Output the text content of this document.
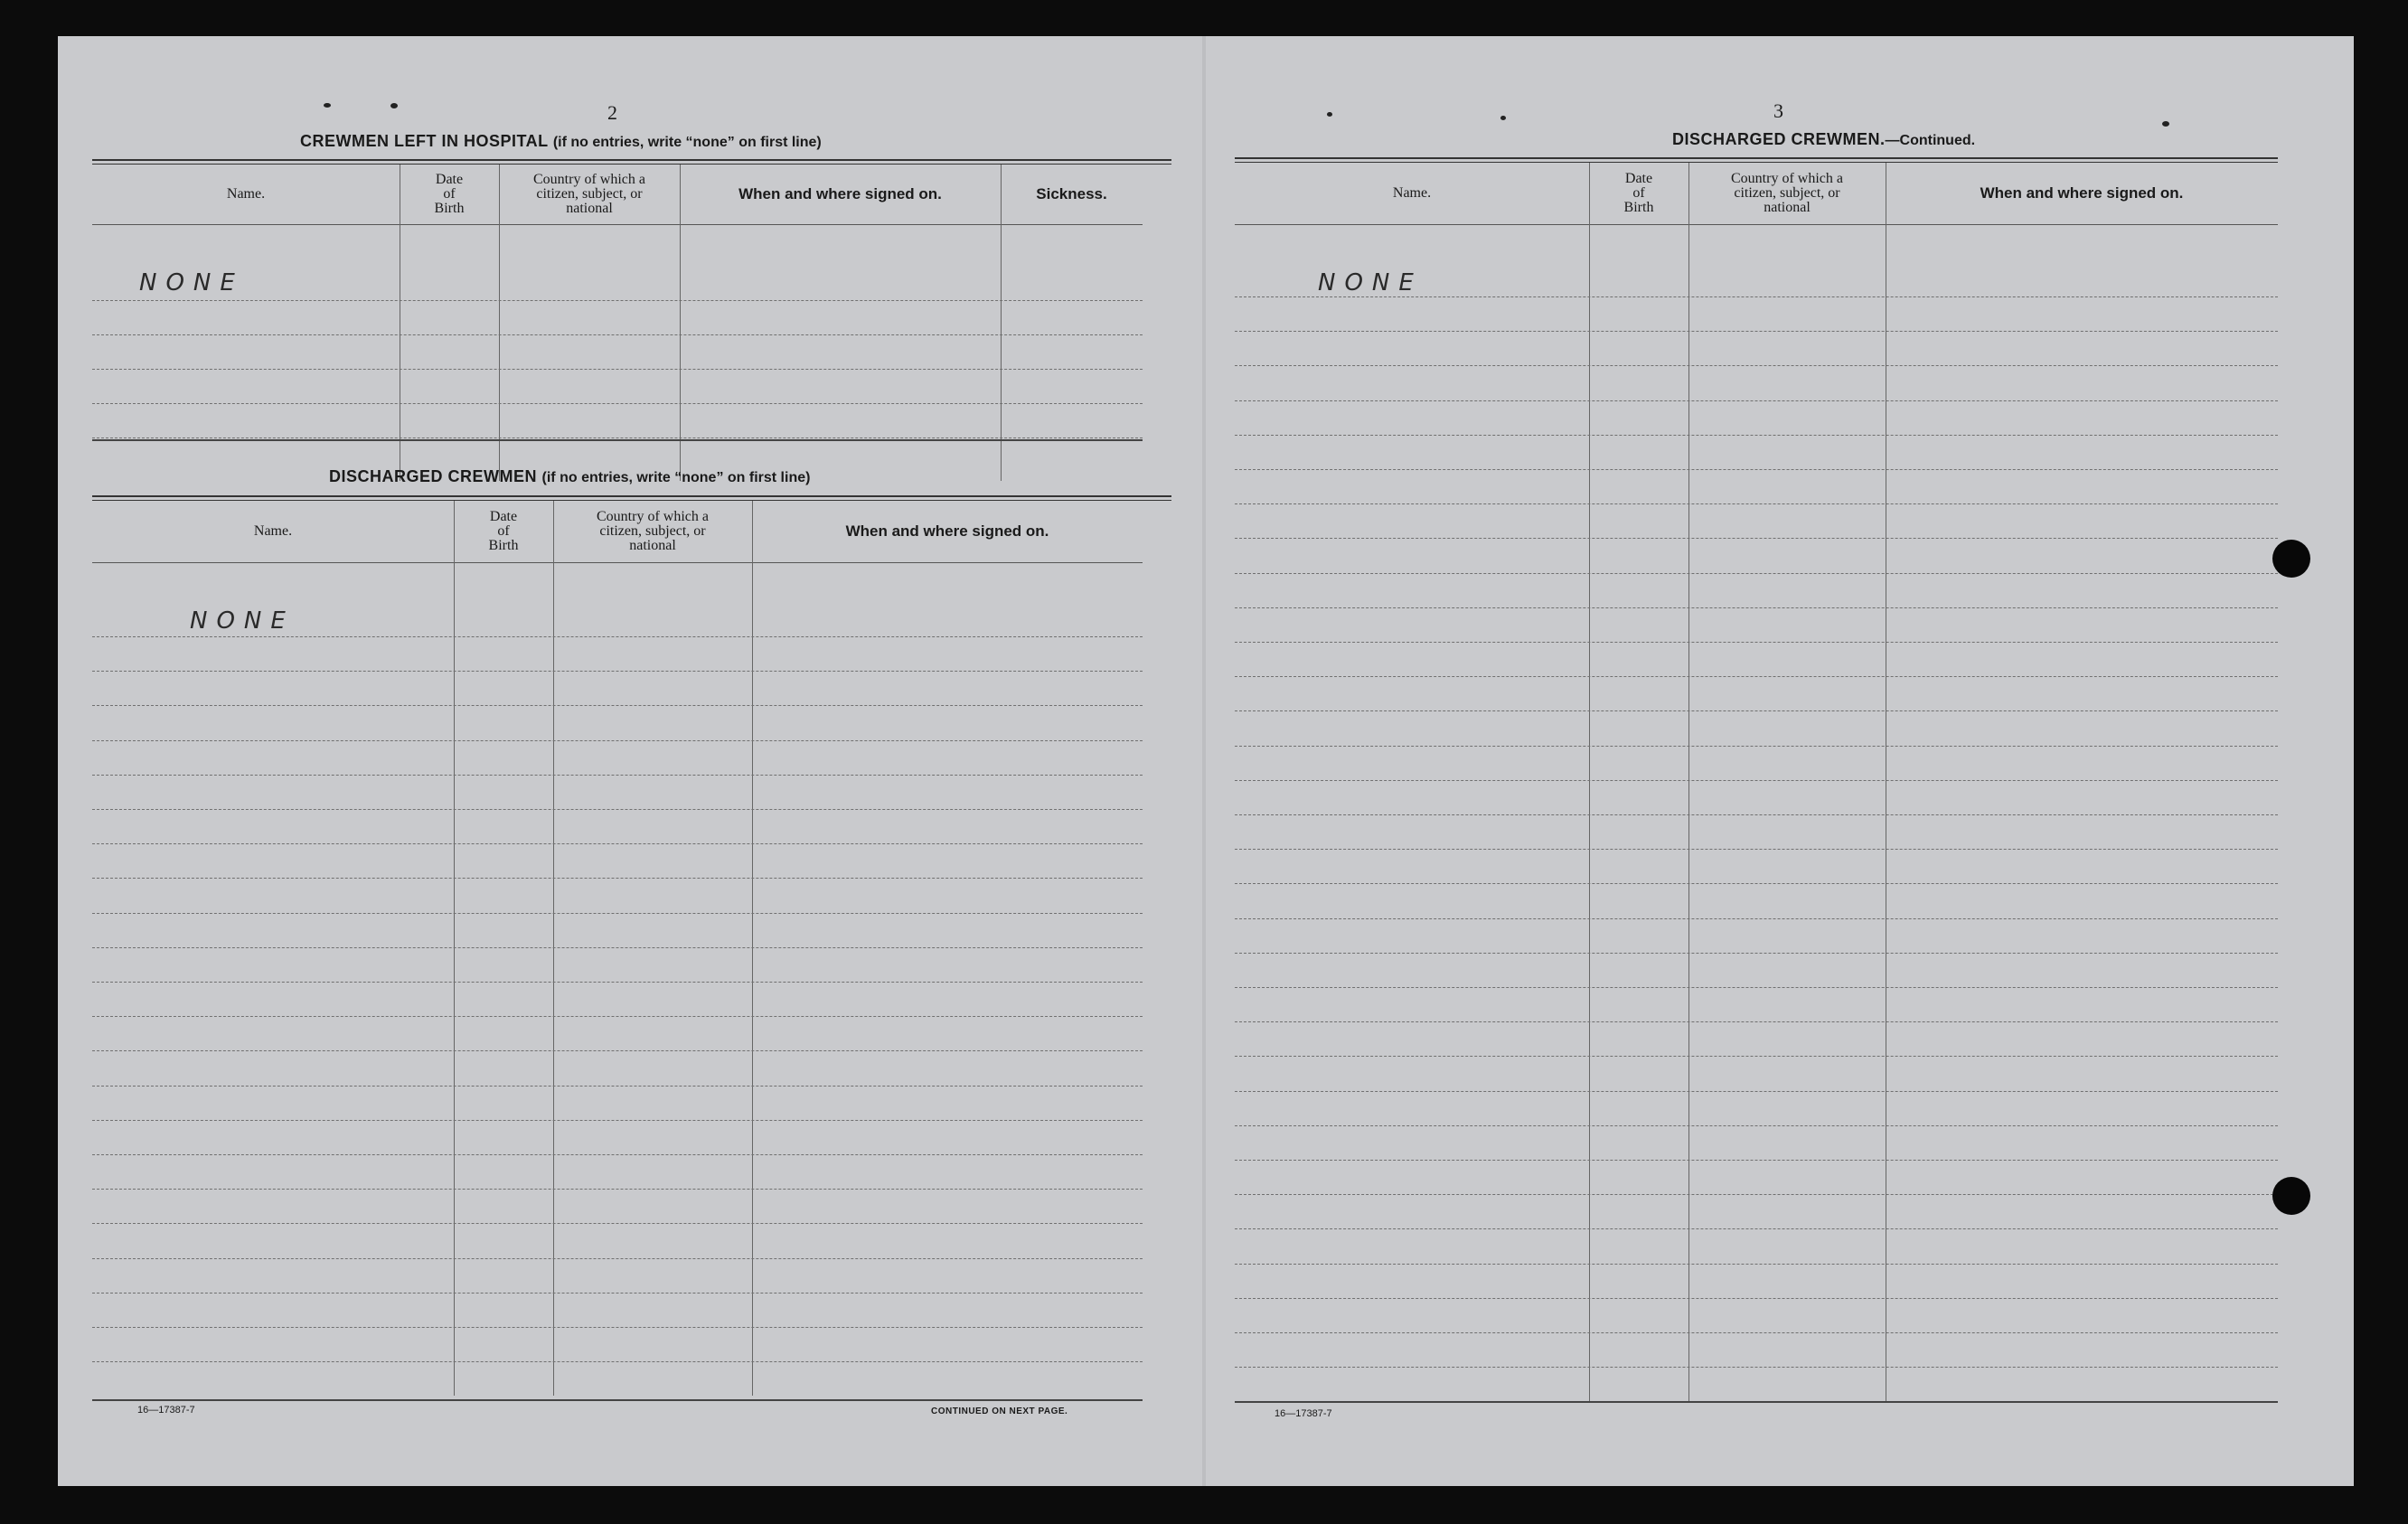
2
CREWMEN LEFT IN HOSPITAL (if no entries, write “none” on first line)
Name.
Date
of
Birth
Country of which a
citizen, subject, or
national
When and where signed on.	Sickness.
NONE
DISCHARGED CREWMEN (if no entries, write “none” on first line)
Name.
Date
of
Birth
Country of which a
citizen, subject, or
national
When and where signed on.
NONE
16—17387-7	CONTINUED ON NEXT PAGE.
3
DISCHARGED CREWMEN.—Continued.
Name.
Date
of
Birth
Country of which a
citizen, subject, or
national
When and where signed on.
NONE
16—17387-7
